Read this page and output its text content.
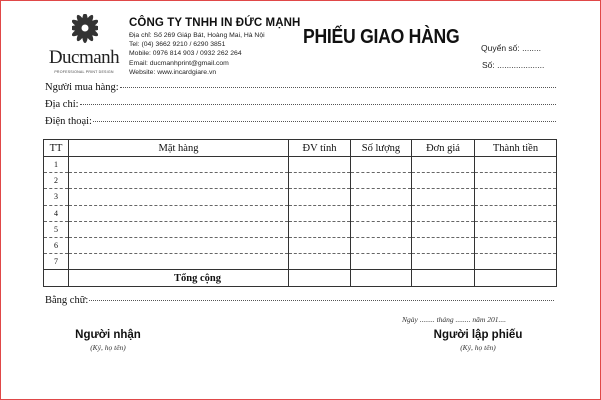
Ducmanh
PROFESSIONAL PRINT DESIGN
CÔNG TY TNHH IN ĐỨC MẠNH
Địa chỉ: Số 269 Giáp Bát, Hoàng Mai, Hà Nội
Tel: (04) 3662 9210 / 6290 3851
Mobile: 0976 814 903 / 0932 262 264
Email: ducmanhprint@gmail.com
Website: www.incardgiare.vn
PHIẾU GIAO HÀNG	Quyển số: ........
Số: ....................
Người mua hàng:
Địa chỉ:
Điện thoại:
TT	Mặt hàng	ĐV tính	Số lượng	Đơn giá	Thành tiền
1					
2					
3					
4					
5					
6					
7					
	Tổng cộng				
Bằng chữ:
Ngày ........ tháng ........ năm 201....
Người nhận
(Ký, họ tên)
Người lập phiếu
(Ký, họ tên)
